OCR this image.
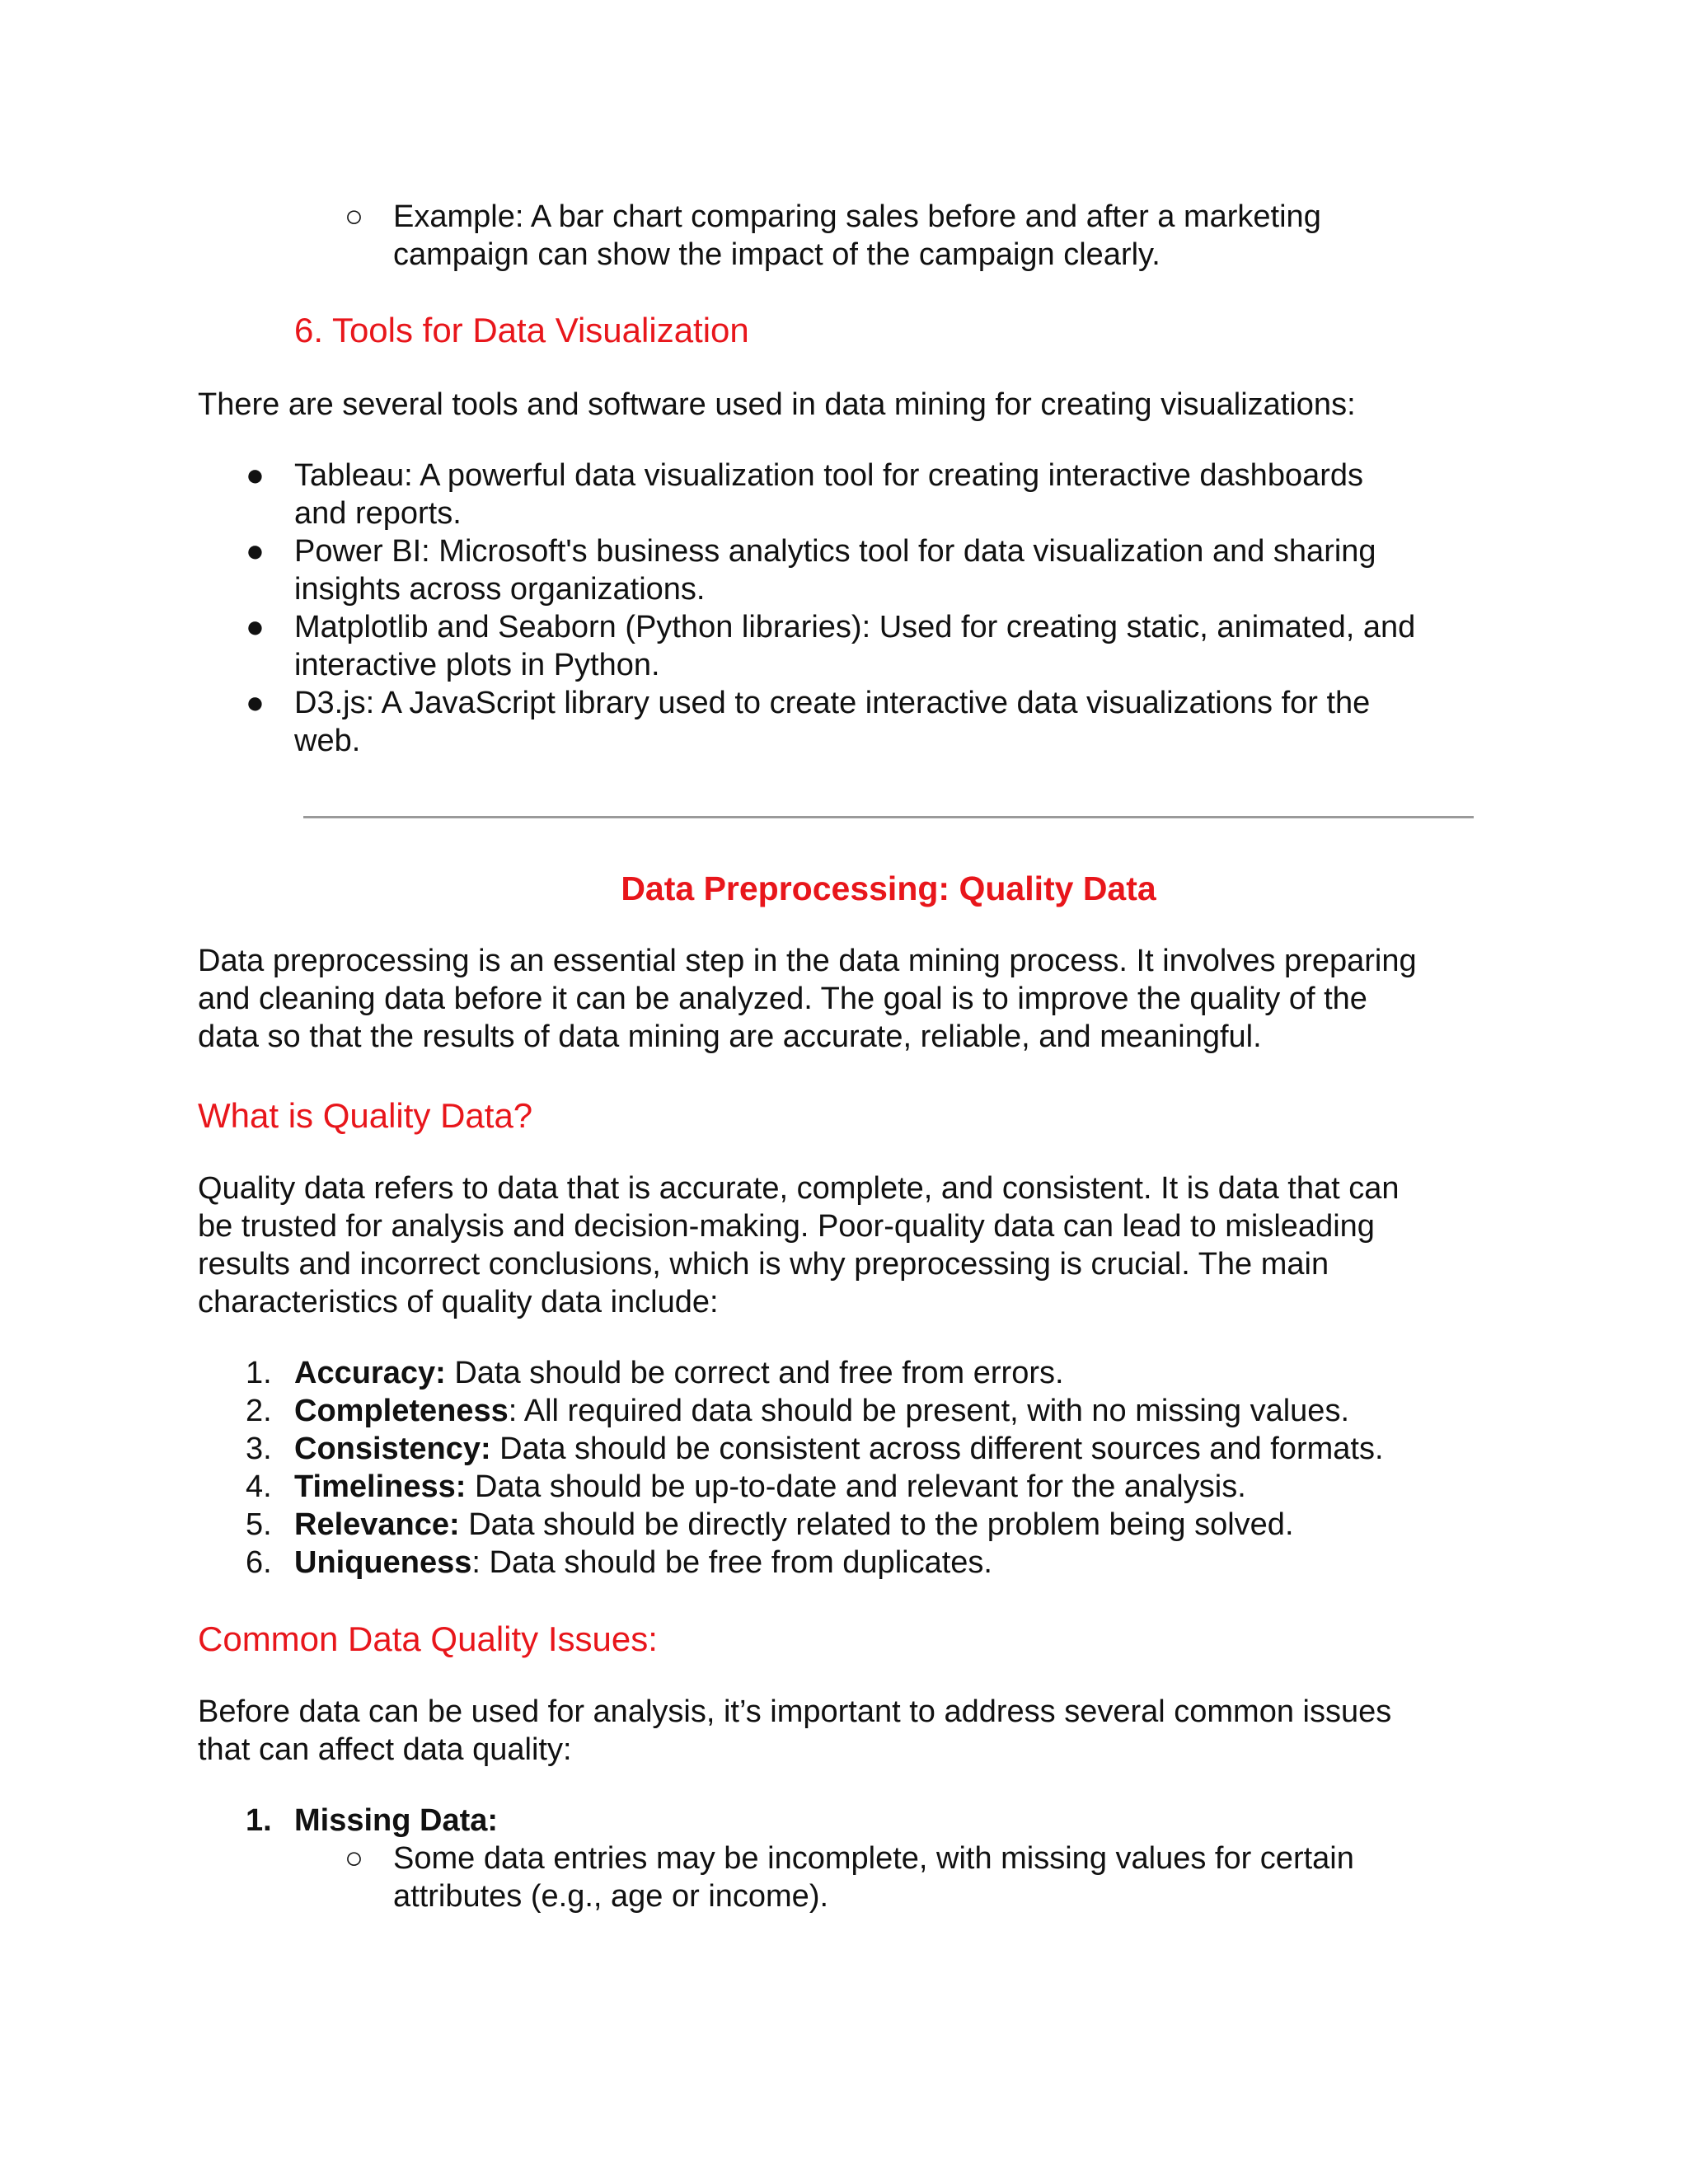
○ Example: A bar chart comparing sales before and after a marketing
campaign can show the impact of the campaign clearly.
6. Tools for Data Visualization
There are several tools and software used in data mining for creating visualizations:
● Tableau: A powerful data visualization tool for creating interactive dashboards
and reports.
● Power BI: Microsoft's business analytics tool for data visualization and sharing
insights across organizations.
● Matplotlib and Seaborn (Python libraries): Used for creating static, animated, and
interactive plots in Python.
● D3.js: A JavaScript library used to create interactive data visualizations for the
web.
Data Preprocessing: Quality Data
Data preprocessing is an essential step in the data mining process. It involves preparing
and cleaning data before it can be analyzed. The goal is to improve the quality of the
data so that the results of data mining are accurate, reliable, and meaningful.
What is Quality Data?
Quality data refers to data that is accurate, complete, and consistent. It is data that can
be trusted for analysis and decision-making. Poor-quality data can lead to misleading
results and incorrect conclusions, which is why preprocessing is crucial. The main
characteristics of quality data include:
1. Accuracy: Data should be correct and free from errors.
2. Completeness: All required data should be present, with no missing values.
3. Consistency: Data should be consistent across different sources and formats.
4. Timeliness: Data should be up-to-date and relevant for the analysis.
5. Relevance: Data should be directly related to the problem being solved.
6. Uniqueness: Data should be free from duplicates.
Common Data Quality Issues:
Before data can be used for analysis, it’s important to address several common issues
that can affect data quality:
1. Missing Data:
○ Some data entries may be incomplete, with missing values for certain
attributes (e.g., age or income).
